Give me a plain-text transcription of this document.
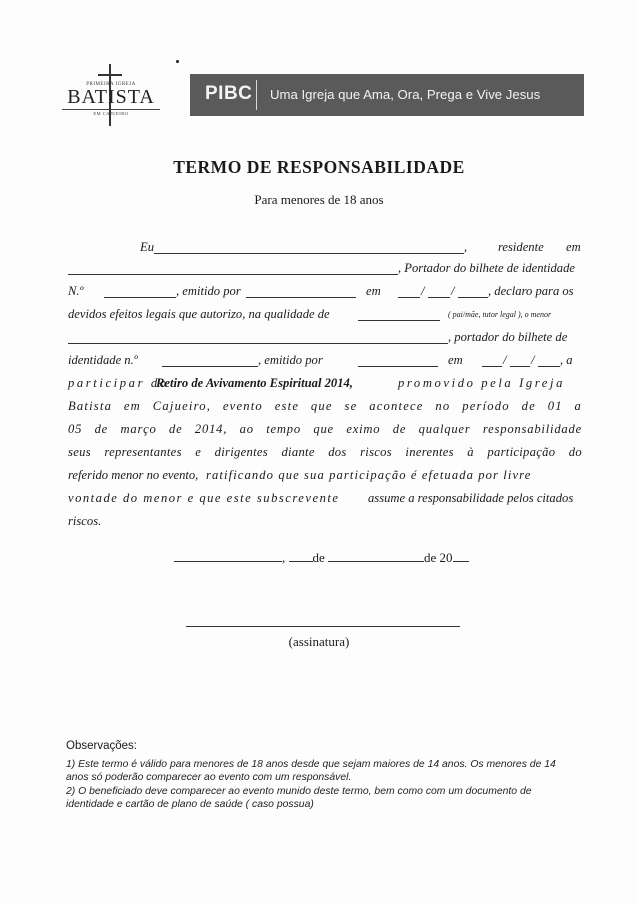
PRIMEIRA IGREJA
BATISTA
EM CAJUEIRO
PIBC Uma Igreja que Ama, Ora, Prega e Vive Jesus
TERMO DE RESPONSABILIDADE
Para menores de 18 anos
Eu	, residente em
, Portador do bilhete de identidade
N.º	, emitido por	em	/ /	, declaro para os
devidos efeitos legais que autorizo, na qualidade de	( pai/mãe, tutor legal ), o menor
, portador do bilhete de
identidade n.º	, emitido por	em	/ / , a
participar do
Retiro de Avivamento Espiritual 2014,	promovido pela Igreja
Batista em Cajueiro, evento este que se acontece no período de 01 a
05 de março de 2014, ao tempo que eximo de qualquer responsabilidade
seus representantes e dirigentes diante dos riscos inerentes à participação do
referido menor no evento, ratificando que sua participação é efetuada por livre
vontade do menor e que este subscrevente assume a responsabilidade pelos citados
riscos.
, de	de 20
(assinatura)
Observações:
1) Este termo é válido para menores de 18 anos desde que sejam maiores de 14 anos. Os menores de 14 anos só poderão comparecer ao evento com um responsável.
2) O beneficiado deve comparecer ao evento munido deste termo, bem como com um documento de identidade e cartão de plano de saúde ( caso possua)
